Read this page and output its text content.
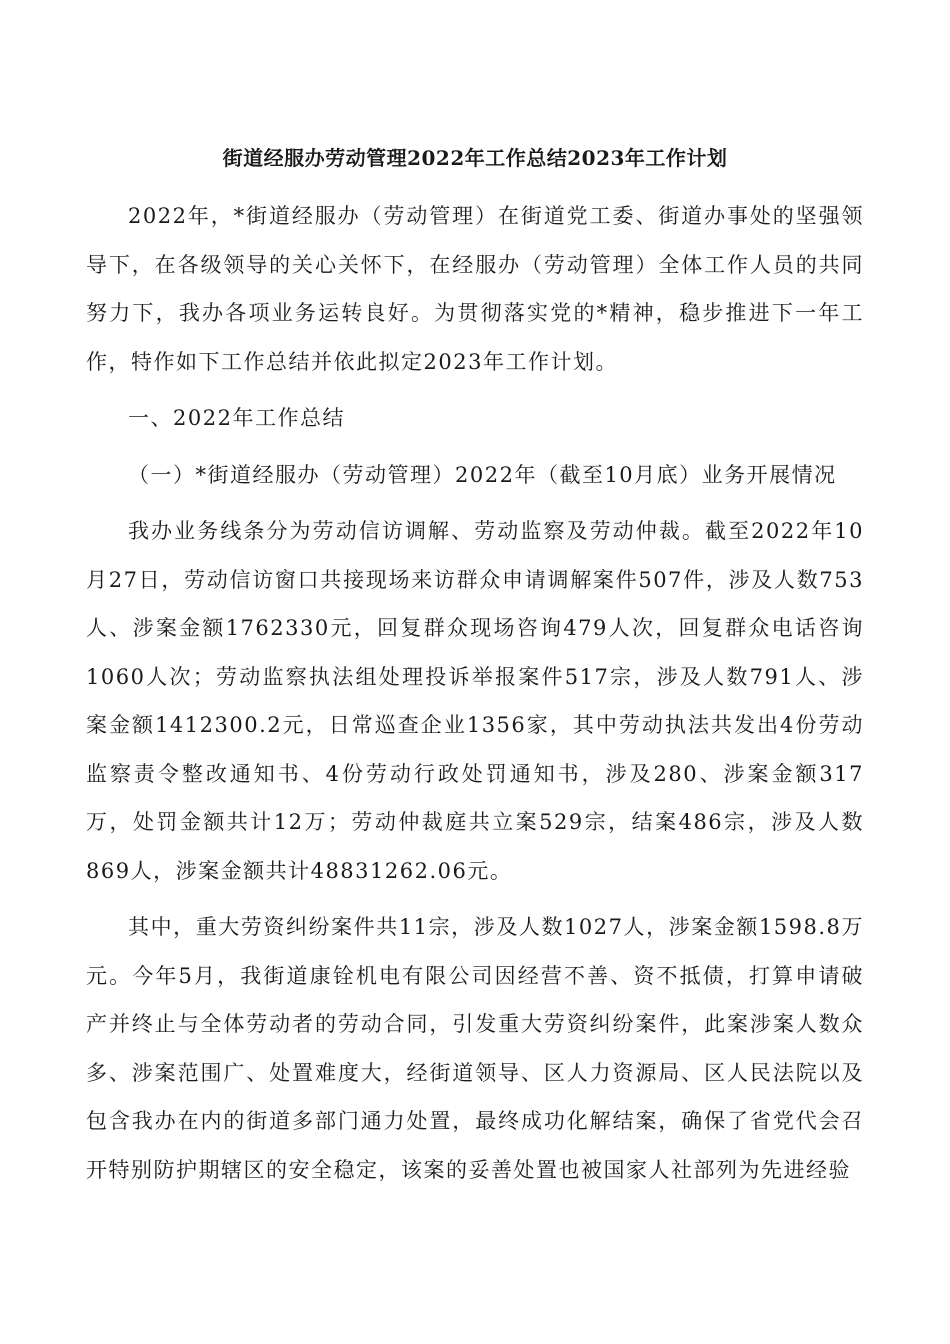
街道经服办劳动管理2022年工作总结2023年工作计划

2022年，*街道经服办（劳动管理）在街道党工委、街道办事处的坚强领导下，在各级领导的关心关怀下，在经服办（劳动管理）全体工作人员的共同努力下，我办各项业务运转良好。为贯彻落实党的*精神，稳步推进下一年工作，特作如下工作总结并依此拟定2023年工作计划。

一、2022年工作总结

（一）*街道经服办（劳动管理）2022年（截至10月底）业务开展情况

我办业务线条分为劳动信访调解、劳动监察及劳动仲裁。截至2022年10月27日，劳动信访窗口共接现场来访群众申请调解案件507件，涉及人数753人、涉案金额1762330元，回复群众现场咨询479人次，回复群众电话咨询1060人次；劳动监察执法组处理投诉举报案件517宗，涉及人数791人、涉案金额1412300.2元，日常巡查企业1356家，其中劳动执法共发出4份劳动监察责令整改通知书、4份劳动行政处罚通知书，涉及280、涉案金额317万，处罚金额共计12万；劳动仲裁庭共立案529宗，结案486宗，涉及人数869人，涉案金额共计48831262.06元。

其中，重大劳资纠纷案件共11宗，涉及人数1027人，涉案金额1598.8万元。今年5月，我街道康铨机电有限公司因经营不善、资不抵债，打算申请破产并终止与全体劳动者的劳动合同，引发重大劳资纠纷案件，此案涉案人数众多、涉案范围广、处置难度大，经街道领导、区人力资源局、区人民法院以及包含我办在内的街道多部门通力处置，最终成功化解结案，确保了省党代会召开特别防护期辖区的安全稳定，该案的妥善处置也被国家人社部列为先进经验
